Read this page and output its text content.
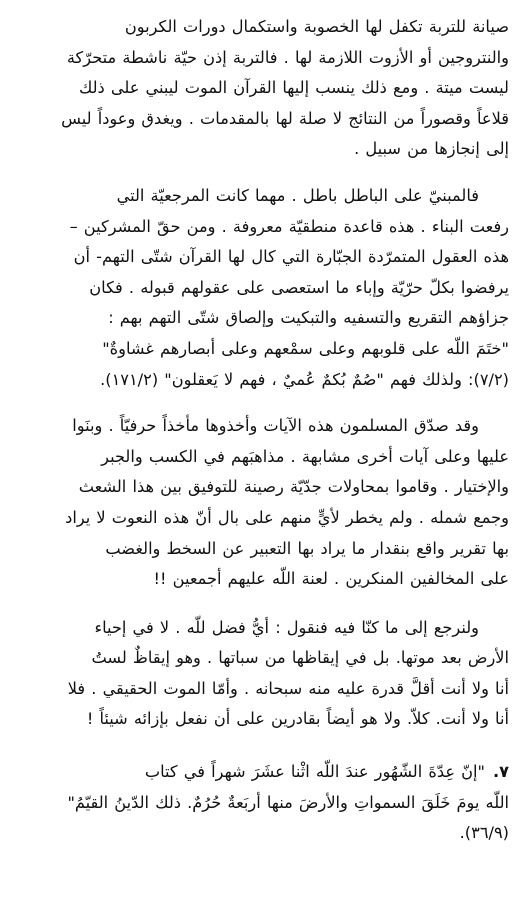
صيانة للتربة تكفل لها الخصوبة واستكمال دورات الكربون
والنتروجين أو الأزوت اللازمة لها . فالتربة إذن حيّة ناشطة متحرّكة
ليست ميتة . ومع ذلك ينسب إليها القرآن الموت ليبني على ذلك
قلاعاً وقصوراً من النتائج لا صلة لها بالمقدمات . ويغدق وعوداً ليس
إلى إنجازها من سبيل .

فالمبنيّ على الباطل باطل . مهما كانت المرجعيّة التي
رفعت البناء . هذه قاعدة منطقيّة معروفة . ومن حقّ المشركين –
هذه العقول المتمرّدة الجبّارة التي كال لها القرآن شتّى التهم- أن
يرفضوا بكلّ حرّيّة وإباء ما استعصى على عقولهم قبوله . فكان
جزاؤهم التقريع والتسفيه والتبكيت وإلصاق شتّى التهم بهم :
"ختَمَ اللّه على قلوبهم وعلى سمْعهم وعلى أبصارهم غشاوةٌ"
(٧/٢): ولذلك فهم "صُمٌ بُكمٌ عُميٌ ، فهم لا يَعقلون" (١٧١/٢).

وقد صدّق المسلمون هذه الآيات وأخذوها مأخذاً حرفيّاً . وبنَوا
عليها وعلى آيات أخرى مشابهة . مذاهبَهم في الكسب والجبر
والإختيار . وقاموا بمحاولات جدّيّة رصينة للتوفيق بين هذا الشعث
وجمع شمله . ولم يخطر لأيٍّ منهم على بال أنّ هذه النعوت لا يراد
بها تقرير واقع بنقدار ما يراد بها التعبير عن السخط والغضب
على المخالفين المنكرين . لعنة اللّه عليهم أجمعين !!

ولنرجع إلى ما كنّا فيه فنقول : أيُّ فضل للّه . لا في إحياء
الأرض بعد موتها. بل في إيقاظها من سباتها . وهو إيقاظٌ لستُ
أنا ولا أنت أقلَّ قدرة عليه منه سبحانه . وأمّا الموت الحقيقي . فلا
أنا ولا أنت. كلاّ. ولا هو أيضاً بقادرين على أن نفعل بإزائه شيئاً !

٧."إنّ عِدّةَ الشّهُور عندَ اللّه اثْنا عشَرَ شهراً في كتاب
اللّه يومَ خَلَقَ السمواتِ والأرضَ منها أربَعةٌ حُرُمٌ. ذلك الدّينُ القيّمُ"
(٣٦/٩).
